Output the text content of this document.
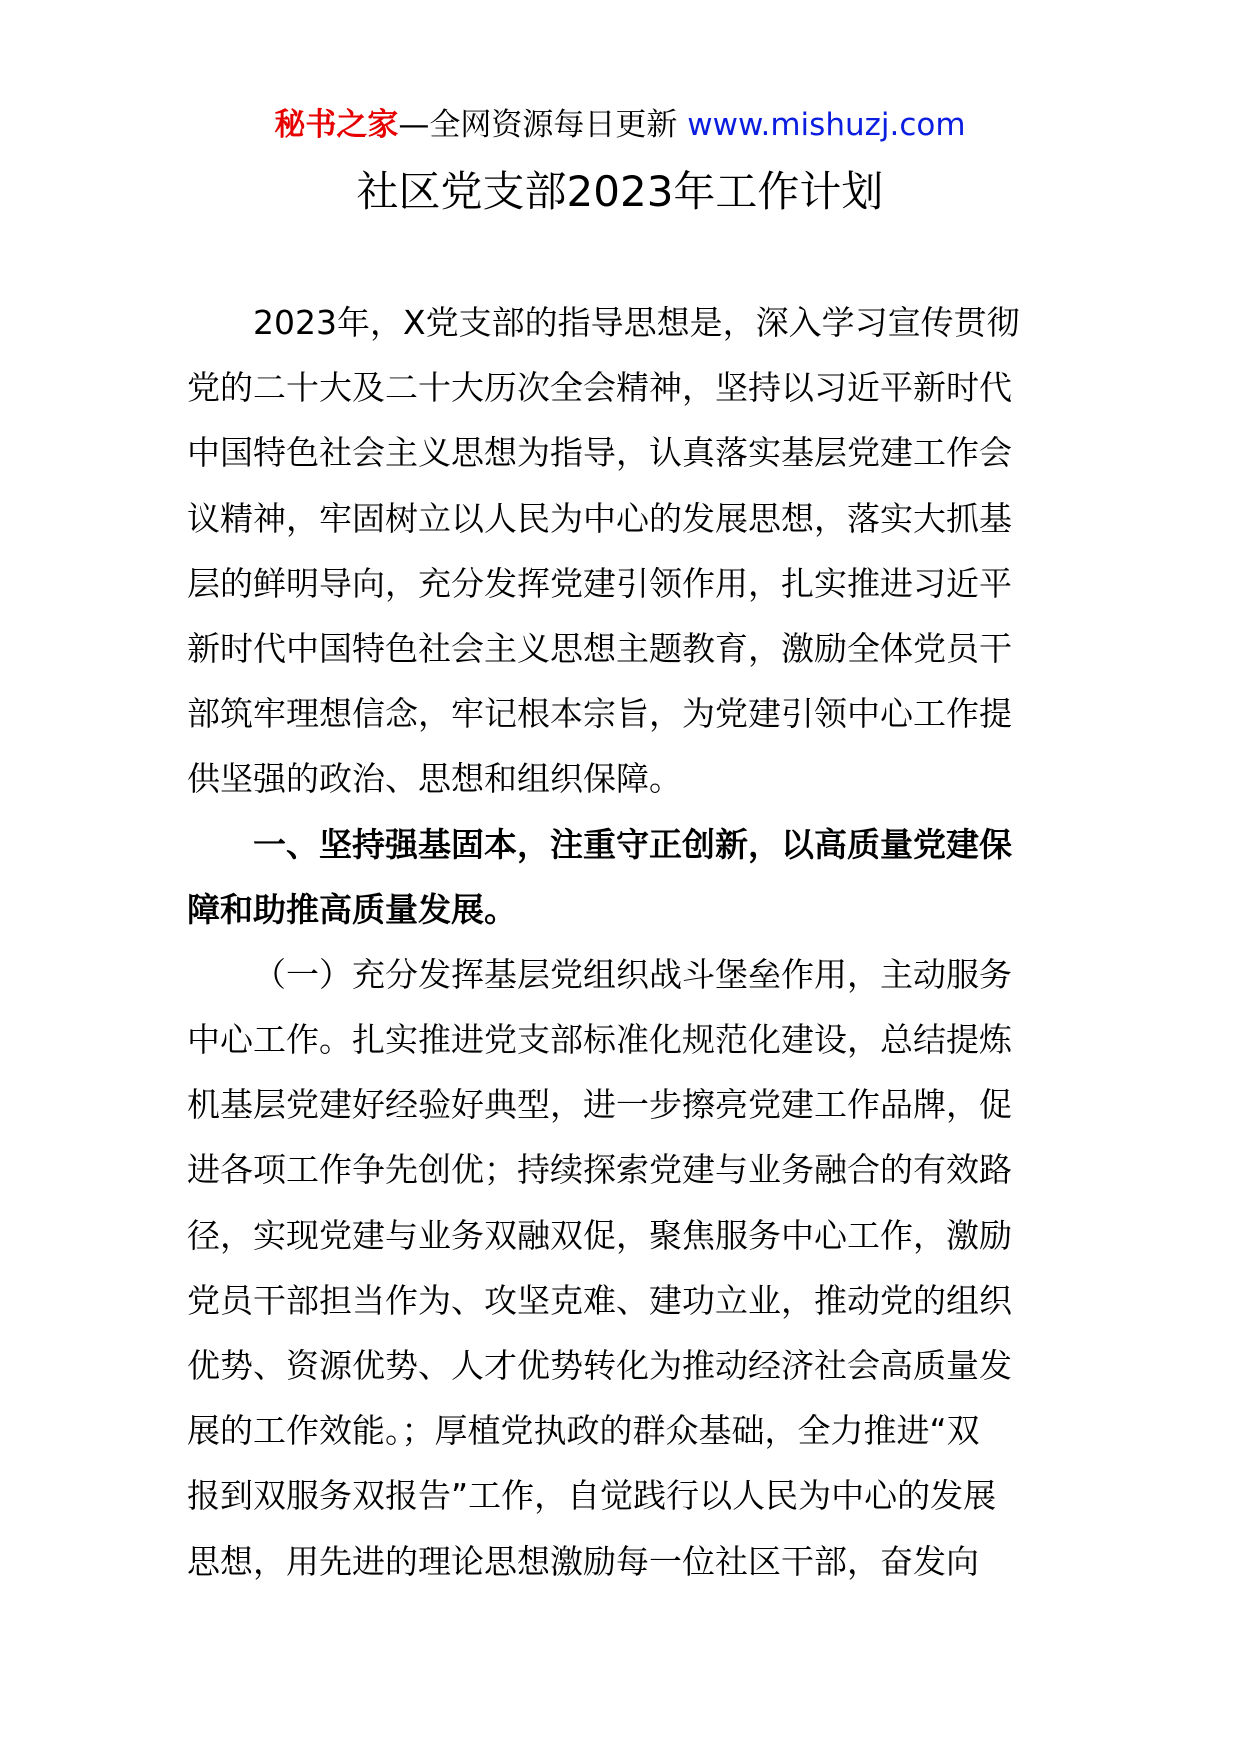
秘书之家—全网资源每日更新 www.mishuzj.com
社区党支部2023年工作计划
2023年，X党支部的指导思想是，深入学习宣传贯彻
党的二十大及二十大历次全会精神，坚持以习近平新时代
中国特色社会主义思想为指导，认真落实基层党建工作会
议精神，牢固树立以人民为中心的发展思想，落实大抓基
层的鲜明导向，充分发挥党建引领作用，扎实推进习近平
新时代中国特色社会主义思想主题教育，激励全体党员干
部筑牢理想信念，牢记根本宗旨，为党建引领中心工作提
供坚强的政治、思想和组织保障。
一、坚持强基固本，注重守正创新，以高质量党建保
障和助推高质量发展。
（一）充分发挥基层党组织战斗堡垒作用，主动服务
中心工作。扎实推进党支部标准化规范化建设，总结提炼
机基层党建好经验好典型，进一步擦亮党建工作品牌，促
进各项工作争先创优；持续探索党建与业务融合的有效路
径，实现党建与业务双融双促，聚焦服务中心工作，激励
党员干部担当作为、攻坚克难、建功立业，推动党的组织
优势、资源优势、人才优势转化为推动经济社会高质量发
展的工作效能。；厚植党执政的群众基础，全力推进“双
报到双服务双报告”工作，自觉践行以人民为中心的发展
思想，用先进的理论思想激励每一位社区干部，奋发向
